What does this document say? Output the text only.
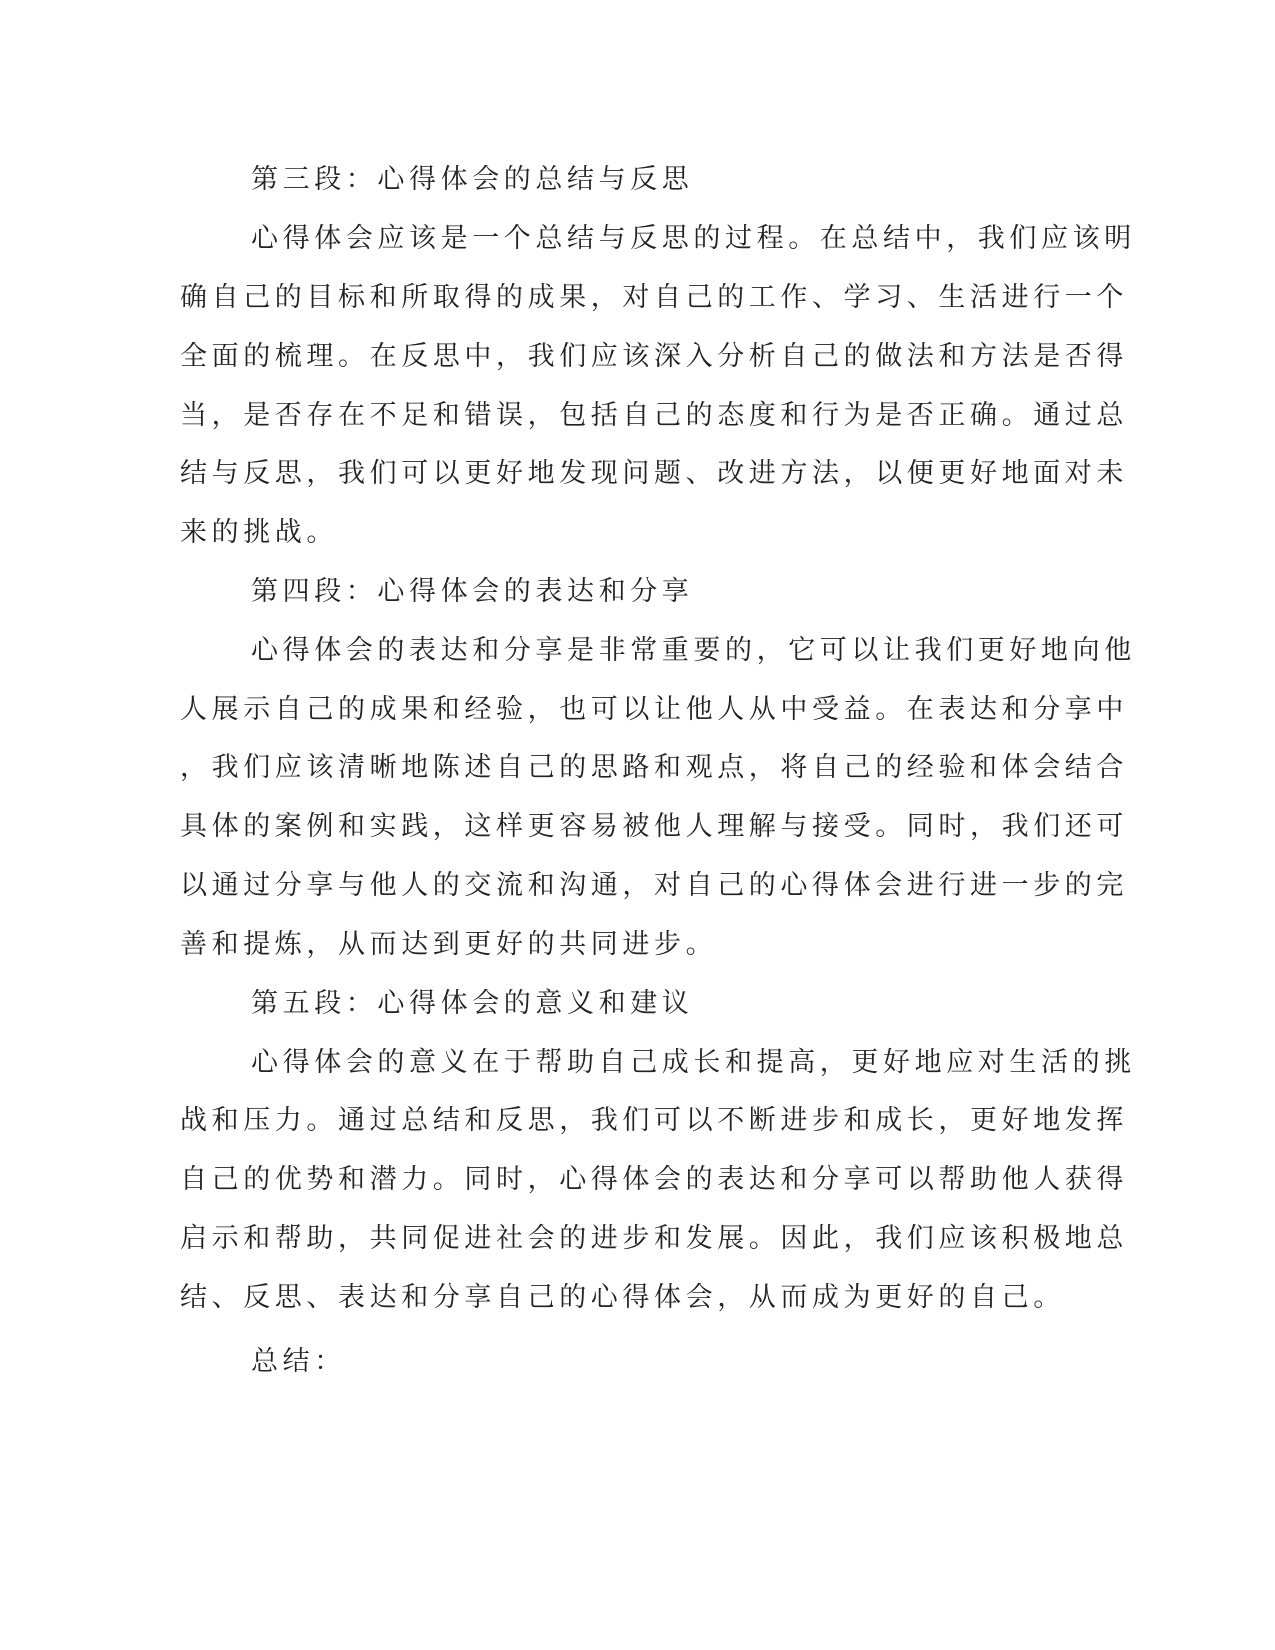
第三段：心得体会的总结与反思
心得体会应该是一个总结与反思的过程。在总结中，我们应该明
确自己的目标和所取得的成果，对自己的工作、学习、生活进行一个
全面的梳理。在反思中，我们应该深入分析自己的做法和方法是否得
当，是否存在不足和错误，包括自己的态度和行为是否正确。通过总
结与反思，我们可以更好地发现问题、改进方法，以便更好地面对未
来的挑战。
第四段：心得体会的表达和分享
心得体会的表达和分享是非常重要的，它可以让我们更好地向他
人展示自己的成果和经验，也可以让他人从中受益。在表达和分享中
，我们应该清晰地陈述自己的思路和观点，将自己的经验和体会结合
具体的案例和实践，这样更容易被他人理解与接受。同时，我们还可
以通过分享与他人的交流和沟通，对自己的心得体会进行进一步的完
善和提炼，从而达到更好的共同进步。
第五段：心得体会的意义和建议
心得体会的意义在于帮助自己成长和提高，更好地应对生活的挑
战和压力。通过总结和反思，我们可以不断进步和成长，更好地发挥
自己的优势和潜力。同时，心得体会的表达和分享可以帮助他人获得
启示和帮助，共同促进社会的进步和发展。因此，我们应该积极地总
结、反思、表达和分享自己的心得体会，从而成为更好的自己。
总结：
